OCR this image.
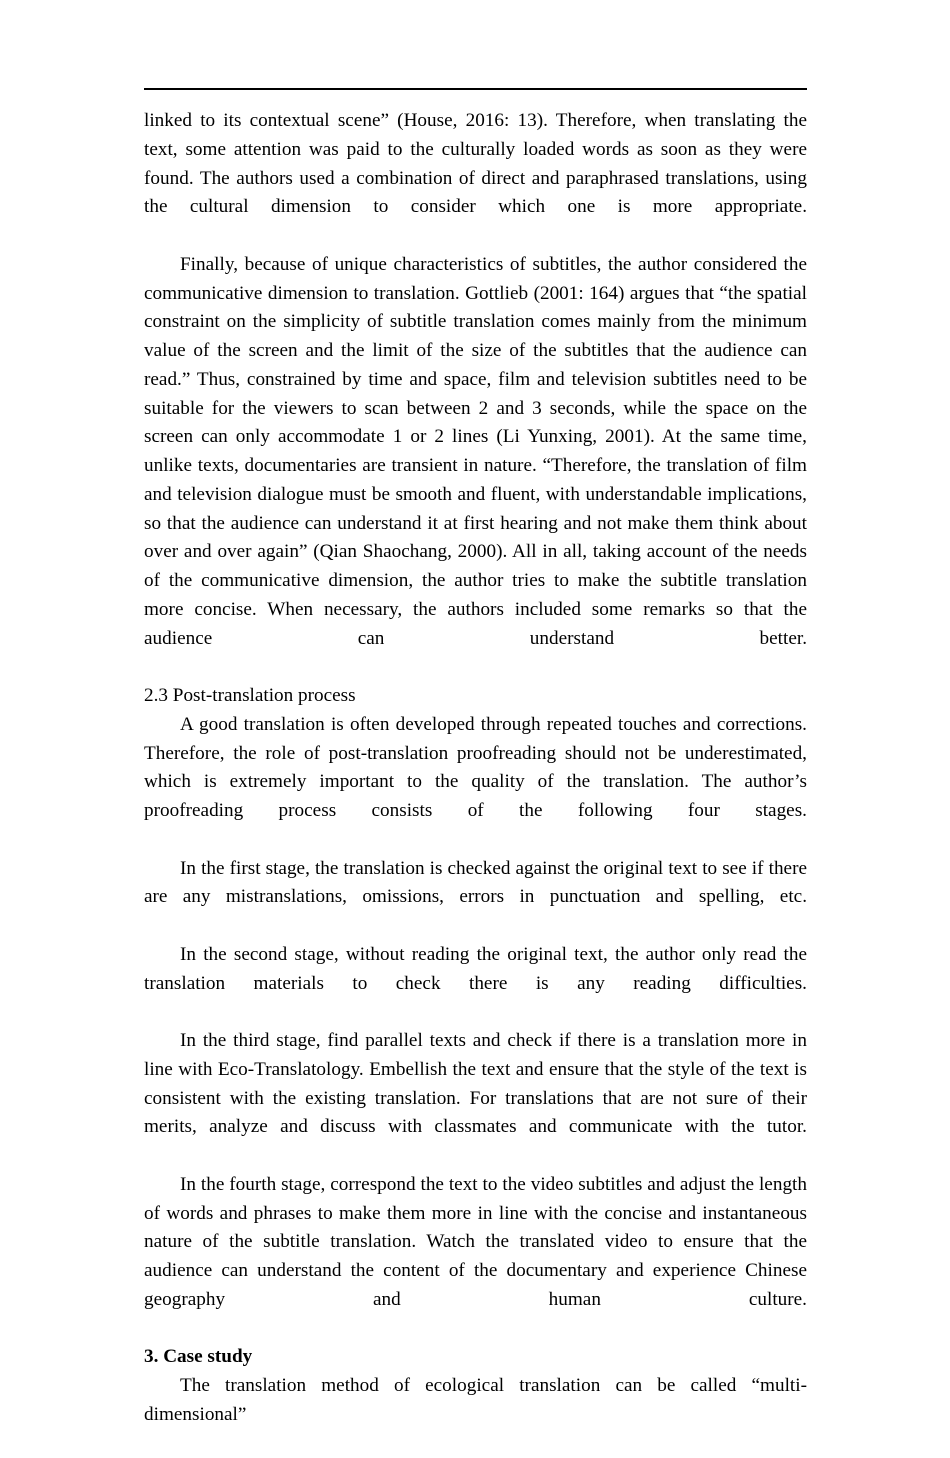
linked to its contextual scene” (House, 2016: 13). Therefore, when translating the text, some attention was paid to the culturally loaded words as soon as they were found. The authors used a combination of direct and paraphrased translations, using the cultural dimension to consider which one is more appropriate.

Finally, because of unique characteristics of subtitles, the author considered the communicative dimension to translation. Gottlieb (2001: 164) argues that “the spatial constraint on the simplicity of subtitle translation comes mainly from the minimum value of the screen and the limit of the size of the subtitles that the audience can read.” Thus, constrained by time and space, film and television subtitles need to be suitable for the viewers to scan between 2 and 3 seconds, while the space on the screen can only accommodate 1 or 2 lines (Li Yunxing, 2001). At the same time, unlike texts, documentaries are transient in nature. “Therefore, the translation of film and television dialogue must be smooth and fluent, with understandable implications, so that the audience can understand it at first hearing and not make them think about over and over again” (Qian Shaochang, 2000). All in all, taking account of the needs of the communicative dimension, the author tries to make the subtitle translation more concise. When necessary, the authors included some remarks so that the audience can understand better.

2.3 Post-translation process

A good translation is often developed through repeated touches and corrections. Therefore, the role of post-translation proofreading should not be underestimated, which is extremely important to the quality of the translation. The author’s proofreading process consists of the following four stages.

In the first stage, the translation is checked against the original text to see if there are any mistranslations, omissions, errors in punctuation and spelling, etc.

In the second stage, without reading the original text, the author only read the translation materials to check there is any reading difficulties.

In the third stage, find parallel texts and check if there is a translation more in line with Eco-Translatology. Embellish the text and ensure that the style of the text is consistent with the existing translation. For translations that are not sure of their merits, analyze and discuss with classmates and communicate with the tutor.

In the fourth stage, correspond the text to the video subtitles and adjust the length of words and phrases to make them more in line with the concise and instantaneous nature of the subtitle translation. Watch the translated video to ensure that the audience can understand the content of the documentary and experience Chinese geography and human culture.

3. Case study

The translation method of ecological translation can be called “multi-dimensional”
